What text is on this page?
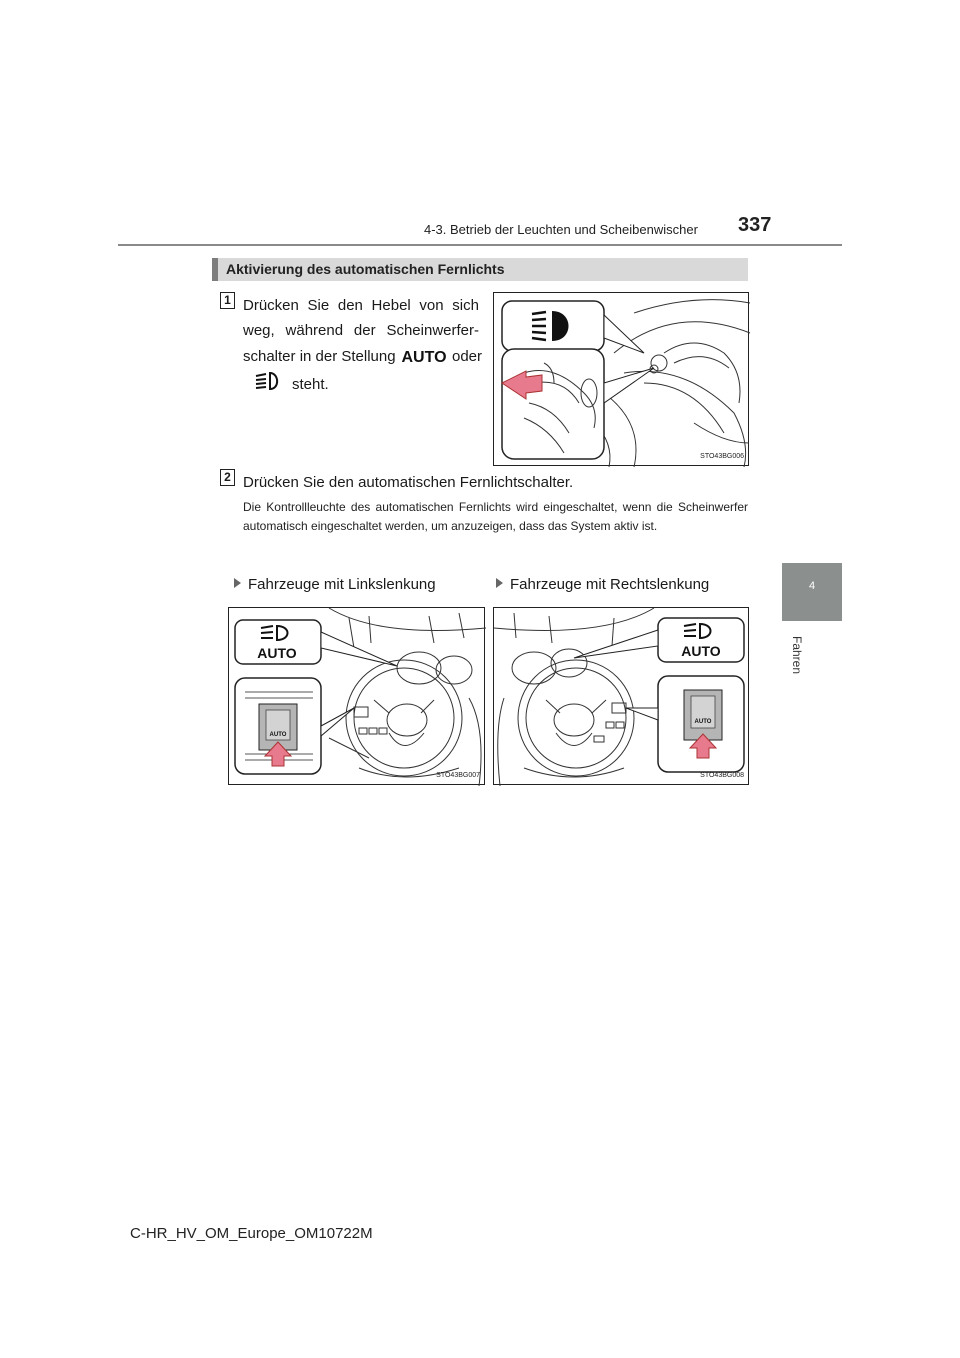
4-3. Betrieb der Leuchten und Scheibenwischer 337
4
Fahren
Aktivierung des automatischen Fernlichts
1 Drücken Sie den Hebel von sich
weg, während der Scheinwerfer-
schalter in der Stellung AUTO oder
steht.
STO43BG006
2 Drücken Sie den automatischen Fernlichtschalter.
Die Kontrollleuchte des automatischen Fernlichts wird eingeschaltet, wenn die Scheinwerfer automatisch eingeschaltet werden, um anzuzeigen, dass das System aktiv ist.
Fahrzeuge mit Linkslenkung	Fahrzeuge mit Rechtslenkung
AUTO
AUTO
STO43BG007
AUTO
AUTO
STO43BG008
C-HR_HV_OM_Europe_OM10722M
